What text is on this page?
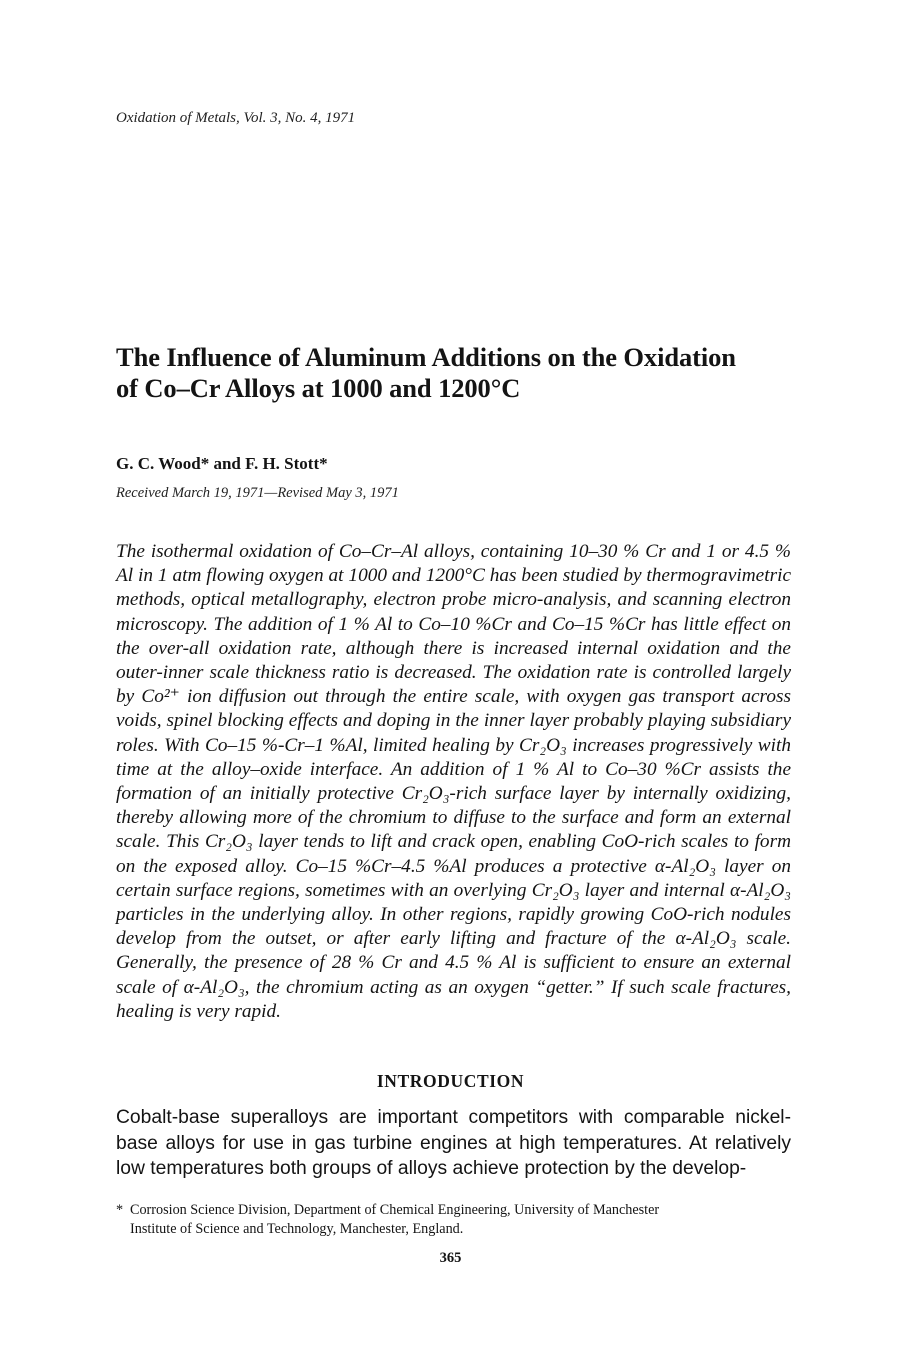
Oxidation of Metals, Vol. 3, No. 4, 1971
The Influence of Aluminum Additions on the Oxidation
of Co–Cr Alloys at 1000 and 1200°C
G. C. Wood* and F. H. Stott*
Received March 19, 1971—Revised May 3, 1971

The isothermal oxidation of Co–Cr–Al alloys, containing 10–30 % Cr and 1 or 4.5 % Al in 1 atm flowing oxygen at 1000 and 1200°C has been studied by thermogravimetric methods, optical metallography, electron probe micro-analysis, and scanning electron microscopy. The addition of 1 % Al to Co–10 %Cr and Co–15 %Cr has little effect on the over-all oxidation rate, although there is increased internal oxidation and the outer-inner scale thickness ratio is decreased. The oxidation rate is controlled largely by Co²⁺ ion diffusion out through the entire scale, with oxygen gas transport across voids, spinel blocking effects and doping in the inner layer probably playing subsidiary roles. With Co–15 %-Cr–1 %Al, limited healing by Cr₂O₃ increases progressively with time at the alloy–oxide interface. An addition of 1 % Al to Co–30 %Cr assists the formation of an initially protective Cr₂O₃-rich surface layer by internally oxidizing, thereby allowing more of the chromium to diffuse to the surface and form an external scale. This Cr₂O₃ layer tends to lift and crack open, enabling CoO-rich scales to form on the exposed alloy. Co–15 %Cr–4.5 %Al produces a protective α-Al₂O₃ layer on certain surface regions, sometimes with an overlying Cr₂O₃ layer and internal α-Al₂O₃ particles in the underlying alloy. In other regions, rapidly growing CoO-rich nodules develop from the outset, or after early lifting and fracture of the α-Al₂O₃ scale. Generally, the presence of 28 % Cr and 4.5 % Al is sufficient to ensure an external scale of α-Al₂O₃, the chromium acting as an oxygen “getter.” If such scale fractures, healing is very rapid.

INTRODUCTION

Cobalt-base superalloys are important competitors with comparable nickel-base alloys for use in gas turbine engines at high temperatures. At relatively low temperatures both groups of alloys achieve protection by the develop-

* Corrosion Science Division, Department of Chemical Engineering, University of Manchester
Institute of Science and Technology, Manchester, England.

365
